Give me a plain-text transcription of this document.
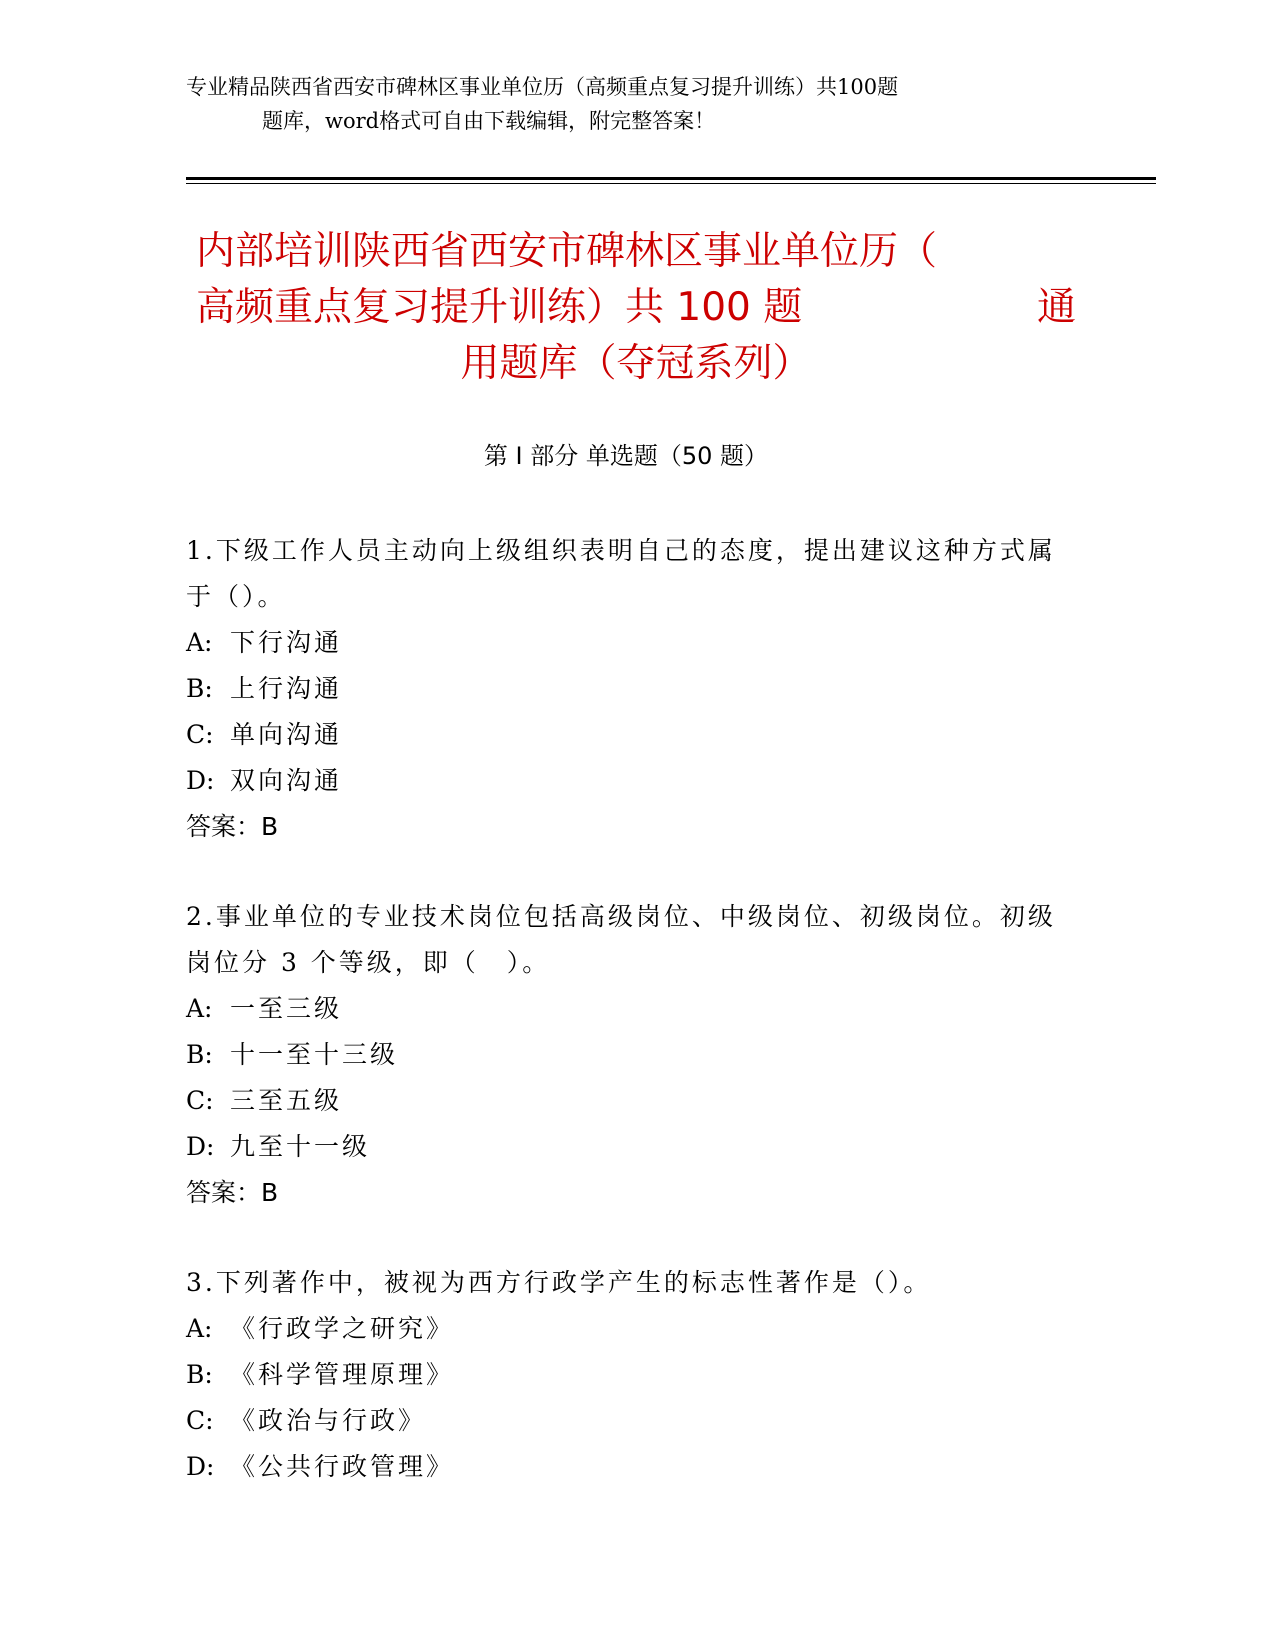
专业精品陕西省西安市碑林区事业单位历（高频重点复习提升训练）共100题
题库，word格式可自由下载编辑，附完整答案！
内部培训陕西省西安市碑林区事业单位历（
高频重点复习提升训练）共 100 题	通
用题库（夺冠系列）
第 I 部分 单选题（50 题）

1.下级工作人员主动向上级组织表明自己的态度，提出建议这种方式属于（）。

A: 下行沟通
B: 上行沟通
C: 单向沟通
D: 双向沟通
答案：B

2.事业单位的专业技术岗位包括高级岗位、中级岗位、初级岗位。初级岗位分 3 个等级，即（　）。

A: 一至三级
B: 十一至十三级
C: 三至五级
D: 九至十一级
答案：B

3.下列著作中，被视为西方行政学产生的标志性著作是（）。

A: 《行政学之研究》
B: 《科学管理原理》
C: 《政治与行政》
D: 《公共行政管理》
